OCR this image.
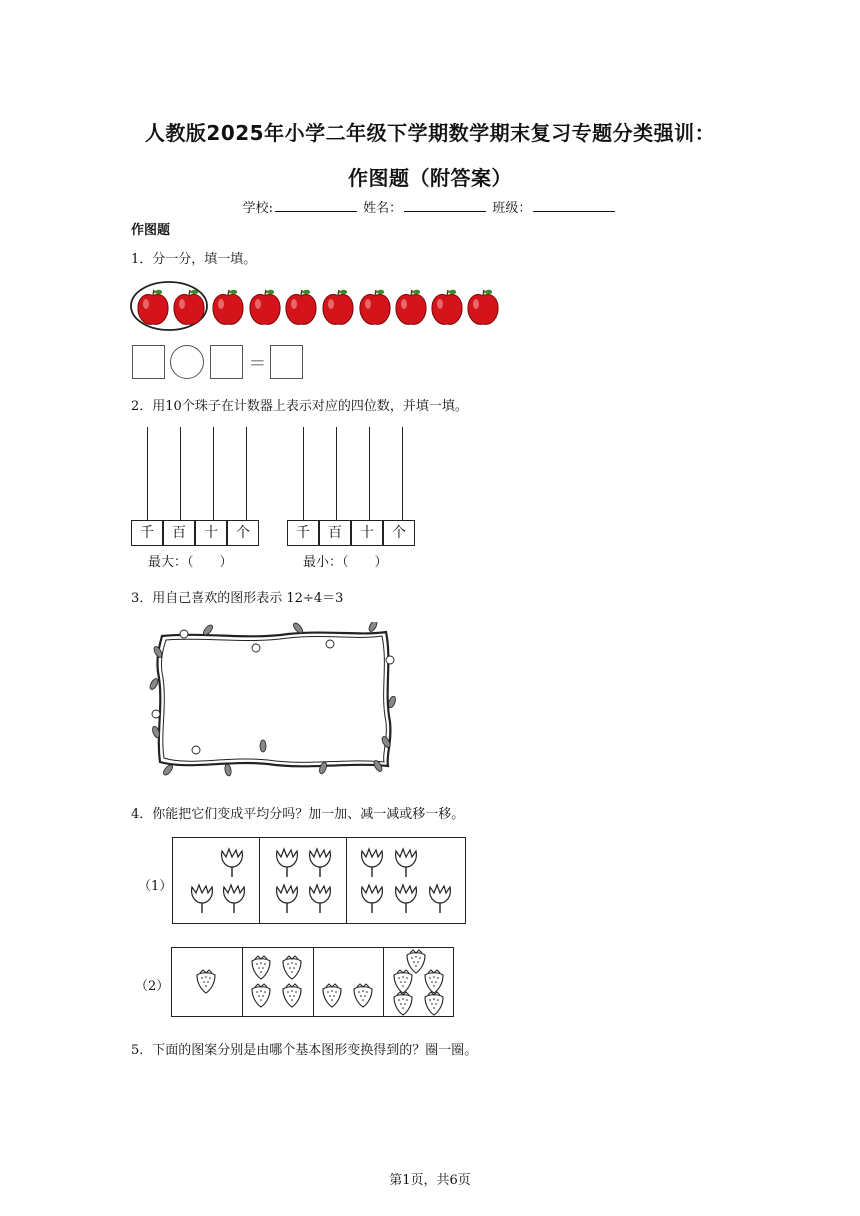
人教版2025年小学二年级下学期数学期末复习专题分类强训：
作图题（附答案）
学校:	姓名：	班级：
作图题
1．分一分，填一填。
=
2．用10个珠子在计数器上表示对应的四位数，并填一填。
千	百	十	个
最大：（　　）
千	百	十	个
最小：（　　）
3．用自己喜欢的图形表示 12÷4＝3
4．你能把它们变成平均分吗？加一加、减一减或移一移。
（1）
（2）
5．下面的图案分别是由哪个基本图形变换得到的？圈一圈。
第1页，共6页
